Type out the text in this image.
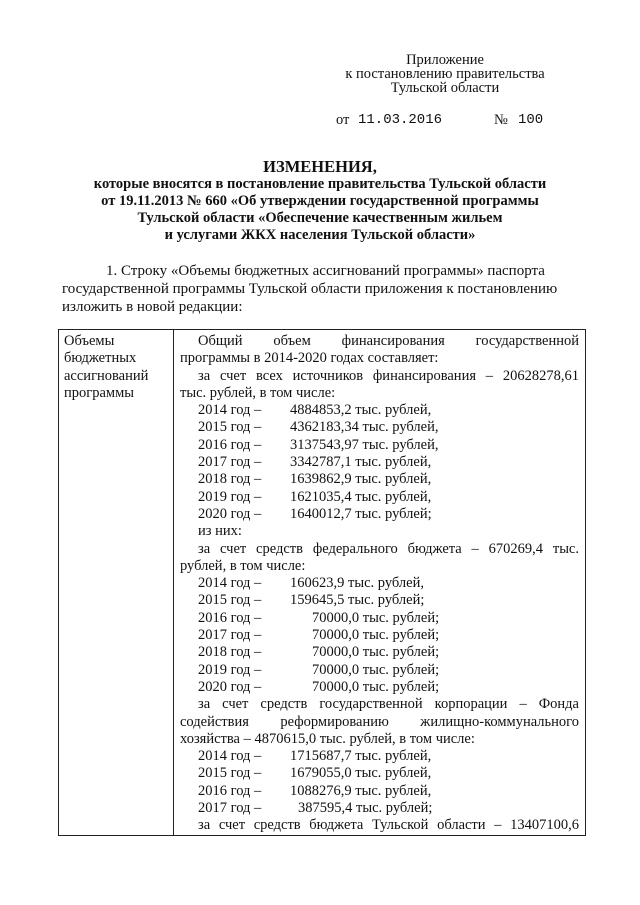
Приложение
к постановлению правительства
Тульской области
от 11.03.2016	№ 100
ИЗМЕНЕНИЯ,
которые вносятся в постановление правительства Тульской области
от 19.11.2013 № 660 «Об утверждении государственной программы
Тульской области «Обеспечение качественным жильем
и услугами ЖКХ населения Тульской области»
1. Строку «Объемы бюджетных ассигнований программы» паспорта
государственной программы Тульской области приложения к постановлению
изложить в новой редакции:
Объемы
бюджетных
ассигнований
программы

Общий объем финансирования государственной
программы в 2014-2020 годах составляет:
за счет всех источников финансирования – 20628278,61
тыс. рублей, в том числе:
2014 год – 4884853,2 тыс. рублей,
2015 год – 4362183,34 тыс. рублей,
2016 год – 3137543,97 тыс. рублей,
2017 год – 3342787,1 тыс. рублей,
2018 год – 1639862,9 тыс. рублей,
2019 год – 1621035,4 тыс. рублей,
2020 год – 1640012,7 тыс. рублей;
из них:
за счет средств федерального бюджета – 670269,4 тыс.
рублей, в том числе:
2014 год – 160623,9 тыс. рублей,
2015 год – 159645,5 тыс. рублей;
2016 год –	70000,0 тыс. рублей;
2017 год –	70000,0 тыс. рублей;
2018 год –	70000,0 тыс. рублей;
2019 год –	70000,0 тыс. рублей;
2020 год –	70000,0 тыс. рублей;
за счет средств государственной корпорации – Фонда
содействия реформированию жилищно-коммунального
хозяйства – 4870615,0 тыс. рублей, в том числе:
2014 год – 1715687,7 тыс. рублей,
2015 год – 1679055,0 тыс. рублей,
2016 год – 1088276,9 тыс. рублей,
2017 год –	387595,4 тыс. рублей;
за счет средств бюджета Тульской области – 13407100,6
